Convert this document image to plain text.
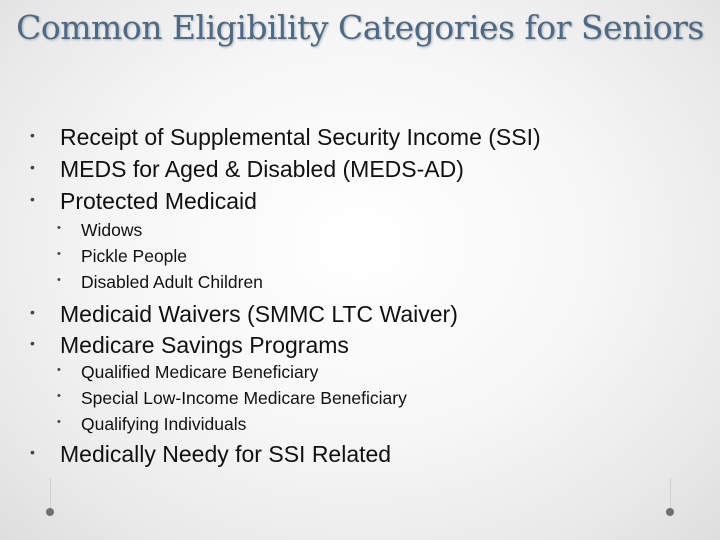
Common Eligibility Categories for Seniors
• Receipt of Supplemental Security Income (SSI)
• MEDS for Aged & Disabled (MEDS-AD)
• Protected Medicaid
• Widows
• Pickle People
• Disabled Adult Children
• Medicaid Waivers (SMMC LTC Waiver)
• Medicare Savings Programs
• Qualified Medicare Beneficiary
• Special Low-Income Medicare Beneficiary
• Qualifying Individuals
• Medically Needy for SSI Related
